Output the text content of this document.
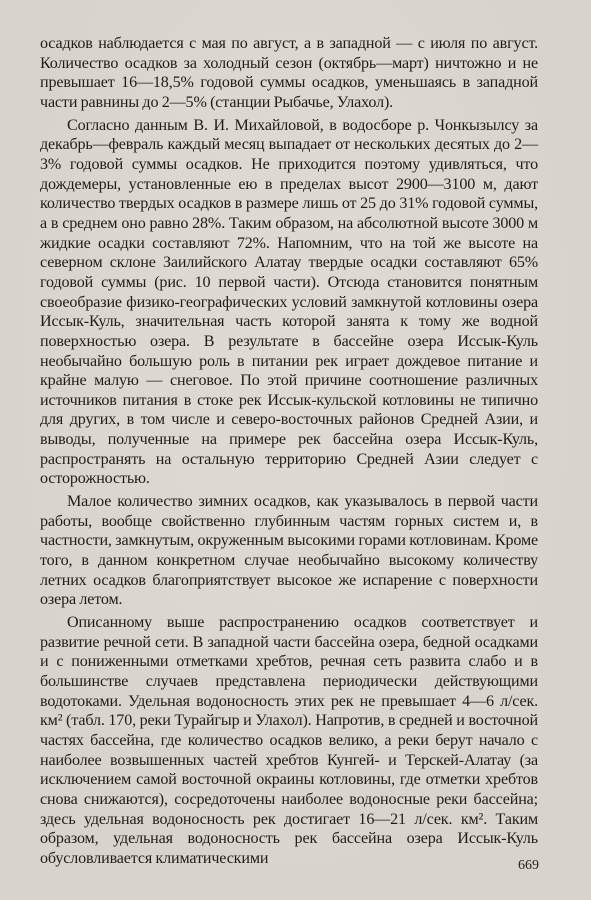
осадков наблюдается с мая по август, а в западной — с июля по август. Количество осадков за холодный сезон (октябрь—март) ничтожно и не превышает 16—18,5% годовой суммы осадков, уменьшаясь в западной части равнины до 2—5% (станции Рыбачье, Улахол).

Согласно данным В. И. Михайловой, в водосборе р. Чонкызылсу за декабрь—февраль каждый месяц выпадает от нескольких десятых до 2—3% годовой суммы осадков. Не приходится поэтому удивляться, что дождемеры, установленные ею в пределах высот 2900—3100 м, дают количество твердых осадков в размере лишь от 25 до 31% годовой суммы, а в среднем оно равно 28%. Таким образом, на абсолютной высоте 3000 м жидкие осадки составляют 72%. Напомним, что на той же высоте на северном склоне Заилийского Алатау твердые осадки составляют 65% годовой суммы (рис. 10 первой части). Отсюда становится понятным своеобразие физико-географических условий замкнутой котловины озера Иссык-Куль, значительная часть которой занята к тому же водной поверхностью озера. В результате в бассейне озера Иссык-Куль необычайно большую роль в питании рек играет дождевое питание и крайне малую — снеговое. По этой причине соотношение различных источников питания в стоке рек Иссык-кульской котловины не типично для других, в том числе и северо-восточных районов Средней Азии, и выводы, полученные на примере рек бассейна озера Иссык-Куль, распространять на остальную территорию Средней Азии следует с осторожностью.

Малое количество зимних осадков, как указывалось в первой части работы, вообще свойственно глубинным частям горных систем и, в частности, замкнутым, окруженным высокими горами котловинам. Кроме того, в данном конкретном случае необычайно высокому количеству летних осадков благоприятствует высокое же испарение с поверхности озера летом.

Описанному выше распространению осадков соответствует и развитие речной сети. В западной части бассейна озера, бедной осадками и с пониженными отметками хребтов, речная сеть развита слабо и в большинстве случаев представлена периодически действующими водотоками. Удельная водоносность этих рек не превышает 4—6 л/сек. км² (табл. 170, реки Турайгыр и Улахол). Напротив, в средней и восточной частях бассейна, где количество осадков велико, а реки берут начало с наиболее возвышенных частей хребтов Кунгей- и Терскей-Алатау (за исключением самой восточной окраины котловины, где отметки хребтов снова снижаются), сосредоточены наиболее водоносные реки бассейна; здесь удельная водоносность рек достигает 16—21 л/сек. км². Таким образом, удельная водоносность рек бассейна озера Иссык-Куль обусловливается климатическими	669
